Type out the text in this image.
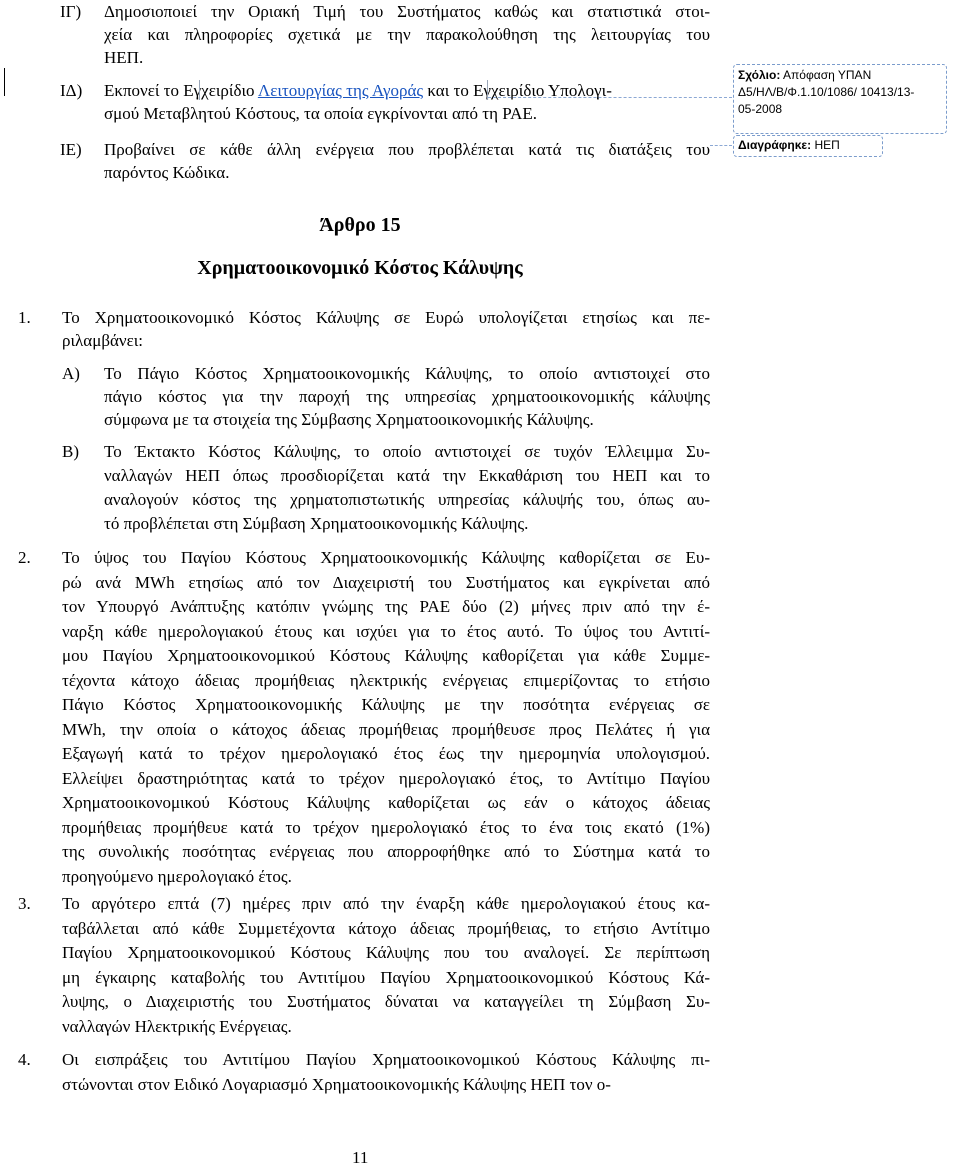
ΙΓ) Δημοσιοποιεί την Οριακή Τιμή του Συστήματος καθώς και στατιστικά στοι-
χεία και πληροφορίες σχετικά με την παρακολούθηση της λειτουργίας του
ΗΕΠ.
ΙΔ) Εκπονεί το Εγχειρίδιο Λειτουργίας της Αγοράς και το Εγχειρίδιο Υπολογι-
σμού Μεταβλητού Κόστους, τα οποία εγκρίνονται από τη ΡΑΕ.
ΙΕ) Προβαίνει σε κάθε άλλη ενέργεια που προβλέπεται κατά τις διατάξεις του
παρόντος Κώδικα.
Σχόλιο: Απόφαση ΥΠΑΝ
Δ5/ΗΛ/Β/Φ.1.10/1086/ 10413/13-
05-2008
Διαγράφηκε: ΗΕΠ
Άρθρο 15
Χρηματοοικονομικό Κόστος Κάλυψης
1. Το Χρηματοοικονομικό Κόστος Κάλυψης σε Ευρώ υπολογίζεται ετησίως και πε-
ριλαμβάνει:
Α) Το Πάγιο Κόστος Χρηματοοικονομικής Κάλυψης, το οποίο αντιστοιχεί στο
πάγιο κόστος για την παροχή της υπηρεσίας χρηματοοικονομικής κάλυψης
σύμφωνα με τα στοιχεία της Σύμβασης Χρηματοοικονομικής Κάλυψης.
Β) Το Έκτακτο Κόστος Κάλυψης, το οποίο αντιστοιχεί σε τυχόν Έλλειμμα Συ-
ναλλαγών ΗΕΠ όπως προσδιορίζεται κατά την Εκκαθάριση του ΗΕΠ και το
αναλογούν κόστος της χρηματοπιστωτικής υπηρεσίας κάλυψής του, όπως αυ-
τό προβλέπεται στη Σύμβαση Χρηματοοικονομικής Κάλυψης.
2. Το ύψος του Παγίου Κόστους Χρηματοοικονομικής Κάλυψης καθορίζεται σε Ευ-
ρώ ανά MWh ετησίως από τον Διαχειριστή του Συστήματος και εγκρίνεται από
τον Υπουργό Ανάπτυξης κατόπιν γνώμης της ΡΑΕ δύο (2) μήνες πριν από την έ-
ναρξη κάθε ημερολογιακού έτους και ισχύει για το έτος αυτό. Το ύψος του Αντιτί-
μου Παγίου Χρηματοοικονομικού Κόστους Κάλυψης καθορίζεται για κάθε Συμμε-
τέχοντα κάτοχο άδειας προμήθειας ηλεκτρικής ενέργειας επιμερίζοντας το ετήσιο
Πάγιο Κόστος Χρηματοοικονομικής Κάλυψης με την ποσότητα ενέργειας σε
MWh, την οποία ο κάτοχος άδειας προμήθειας προμήθευσε προς Πελάτες ή για
Εξαγωγή κατά το τρέχον ημερολογιακό έτος έως την ημερομηνία υπολογισμού.
Ελλείψει δραστηριότητας κατά το τρέχον ημερολογιακό έτος, το Αντίτιμο Παγίου
Χρηματοοικονομικού Κόστους Κάλυψης καθορίζεται ως εάν ο κάτοχος άδειας
προμήθειας προμήθευε κατά το τρέχον ημερολογιακό έτος το ένα τοις εκατό (1%)
της συνολικής ποσότητας ενέργειας που απορροφήθηκε από το Σύστημα κατά το
προηγούμενο ημερολογιακό έτος.
3. Το αργότερο επτά (7) ημέρες πριν από την έναρξη κάθε ημερολογιακού έτους κα-
ταβάλλεται από κάθε Συμμετέχοντα κάτοχο άδειας προμήθειας, το ετήσιο Αντίτιμο
Παγίου Χρηματοοικονομικού Κόστους Κάλυψης που του αναλογεί. Σε περίπτωση
μη έγκαιρης καταβολής του Αντιτίμου Παγίου Χρηματοοικονομικού Κόστους Κά-
λυψης, ο Διαχειριστής του Συστήματος δύναται να καταγγείλει τη Σύμβαση Συ-
ναλλαγών Ηλεκτρικής Ενέργειας.
4. Οι εισπράξεις του Αντιτίμου Παγίου Χρηματοοικονομικού Κόστους Κάλυψης πι-
στώνονται στον Ειδικό Λογαριασμό Χρηματοοικονομικής Κάλυψης ΗΕΠ τον ο-
11
